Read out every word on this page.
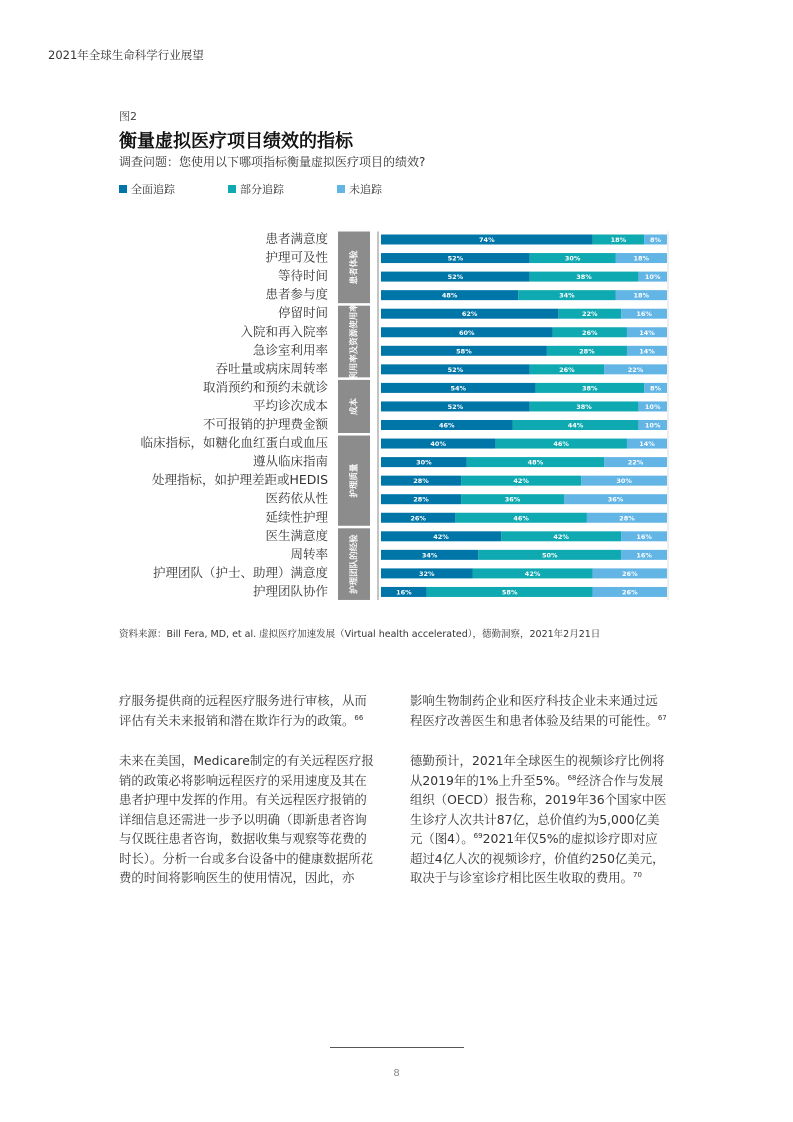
2021年全球生命科学行业展望
图2
衡量虚拟医疗项目绩效的指标
调查问题：您使用以下哪项指标衡量虚拟医疗项目的绩效?
全面追踪	部分追踪	未追踪
患者体验
利用率及资源使用率
成本
护理质量
护理团队的经验
患者满意度	74%	18%	8%
护理可及性	52%	30%	18%
等待时间	52%	38%	10%
患者参与度	48%	34%	18%
停留时间	62%	22%	16%
入院和再入院率	60%	26%	14%
急诊室利用率	58%	28%	14%
吞吐量或病床周转率	52%	26%	22%
取消预约和预约未就诊	54%	38%	8%
平均诊次成本	52%	38%	10%
不可报销的护理费金额	46%	44%	10%
临床指标，如糖化血红蛋白或血压	40%	46%	14%
遵从临床指南	30%	48%	22%
处理指标，如护理差距或HEDIS	28%	42%	30%
医药依从性	28%	36%	36%
延续性护理	26%	46%	28%
医生满意度	42%	42%	16%
周转率	34%	50%	16%
护理团队（护士、助理）满意度	32%	42%	26%
护理团队协作	16%	58%	26%
资料来源：Bill Fera, MD, et al. 虚拟医疗加速发展（Virtual health accelerated），德勤洞察，2021年2月21日

疗服务提供商的远程医疗服务进行审核，从而评估有关未来报销和潜在欺诈行为的政策。$^{66}$

未来在美国，Medicare制定的有关远程医疗报销的政策必将影响远程医疗的采用速度及其在患者护理中发挥的作用。有关远程医疗报销的详细信息还需进一步予以明确（即新患者咨询与仅既往患者咨询，数据收集与观察等花费的时长）。分析一台或多台设备中的健康数据所花费的时间将影响医生的使用情况，因此，亦

影响生物制药企业和医疗科技企业未来通过远程医疗改善医生和患者体验及结果的可能性。$^{67}$

德勤预计，2021年全球医生的视频诊疗比例将从2019年的1%上升至5%。$^{68}$经济合作与发展组织（OECD）报告称，2019年36个国家中医生诊疗人次共计87亿，总价值约为5,000亿美元（图4）。$^{69}$2021年仅5%的虚拟诊疗即对应超过4亿人次的视频诊疗，价值约250亿美元，取决于与诊室诊疗相比医生收取的费用。$^{70}$

8
